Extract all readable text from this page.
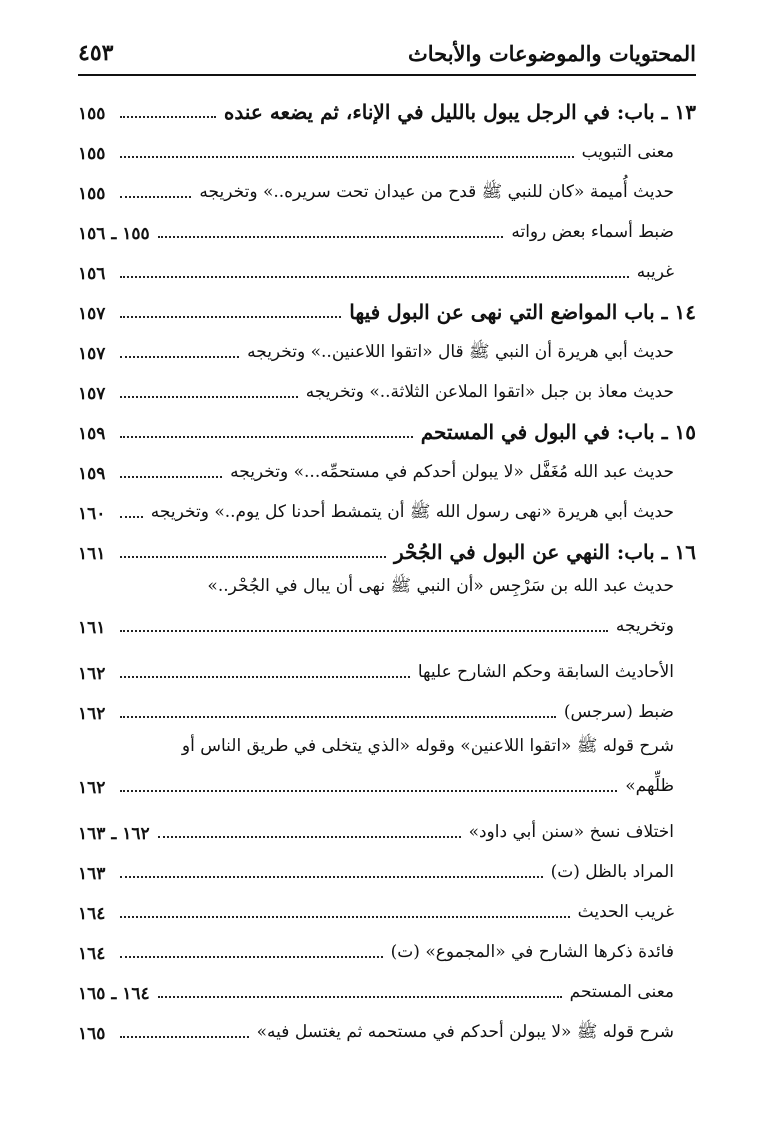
٤٥٣	المحتويات والموضوعات والأبحاث
١٣ ـ باب: في الرجل يبول بالليل في الإناء، ثم يضعه عنده
١٥٥
معنى التبويب
١٥٥
حديث أُميمة «كان للنبي ﷺ قدح من عيدان تحت سريره..» وتخريجه
١٥٥
ضبط أسماء بعض رواته
١٥٥ ـ ١٥٦
غريبه
١٥٦
١٤ ـ باب المواضع التي نهى عن البول فيها
١٥٧
حديث أبي هريرة أن النبي ﷺ قال «اتقوا اللاعنين..» وتخريجه
١٥٧
حديث معاذ بن جبل «اتقوا الملاعن الثلاثة..» وتخريجه
١٥٧
١٥ ـ باب: في البول في المستحم
١٥٩
حديث عبد الله مُغَفَّل «لا يبولن أحدكم في مستحمِّه...» وتخريجه
١٥٩
حديث أبي هريرة «نهى رسول الله ﷺ أن يتمشط أحدنا كل يوم..» وتخريجه
١٦٠
١٦ ـ باب: النهي عن البول في الجُحْر
١٦١
حديث عبد الله بن سَرْجِس «أن النبي ﷺ نهى أن يبال في الجُحْر..»
وتخريجه
١٦١
الأحاديث السابقة وحكم الشارح عليها
١٦٢
ضبط (سرجس)
١٦٢
شرح قوله ﷺ «اتقوا اللاعنين» وقوله «الذي يتخلى في طريق الناس أو
ظلِّهم»
١٦٢
اختلاف نسخ «سنن أبي داود»
١٦٢ ـ ١٦٣
المراد بالظل (ت)
١٦٣
غريب الحديث
١٦٤
فائدة ذكرها الشارح في «المجموع» (ت)
١٦٤
معنى المستحم
١٦٤ ـ ١٦٥
شرح قوله ﷺ «لا يبولن أحدكم في مستحمه ثم يغتسل فيه»
١٦٥
